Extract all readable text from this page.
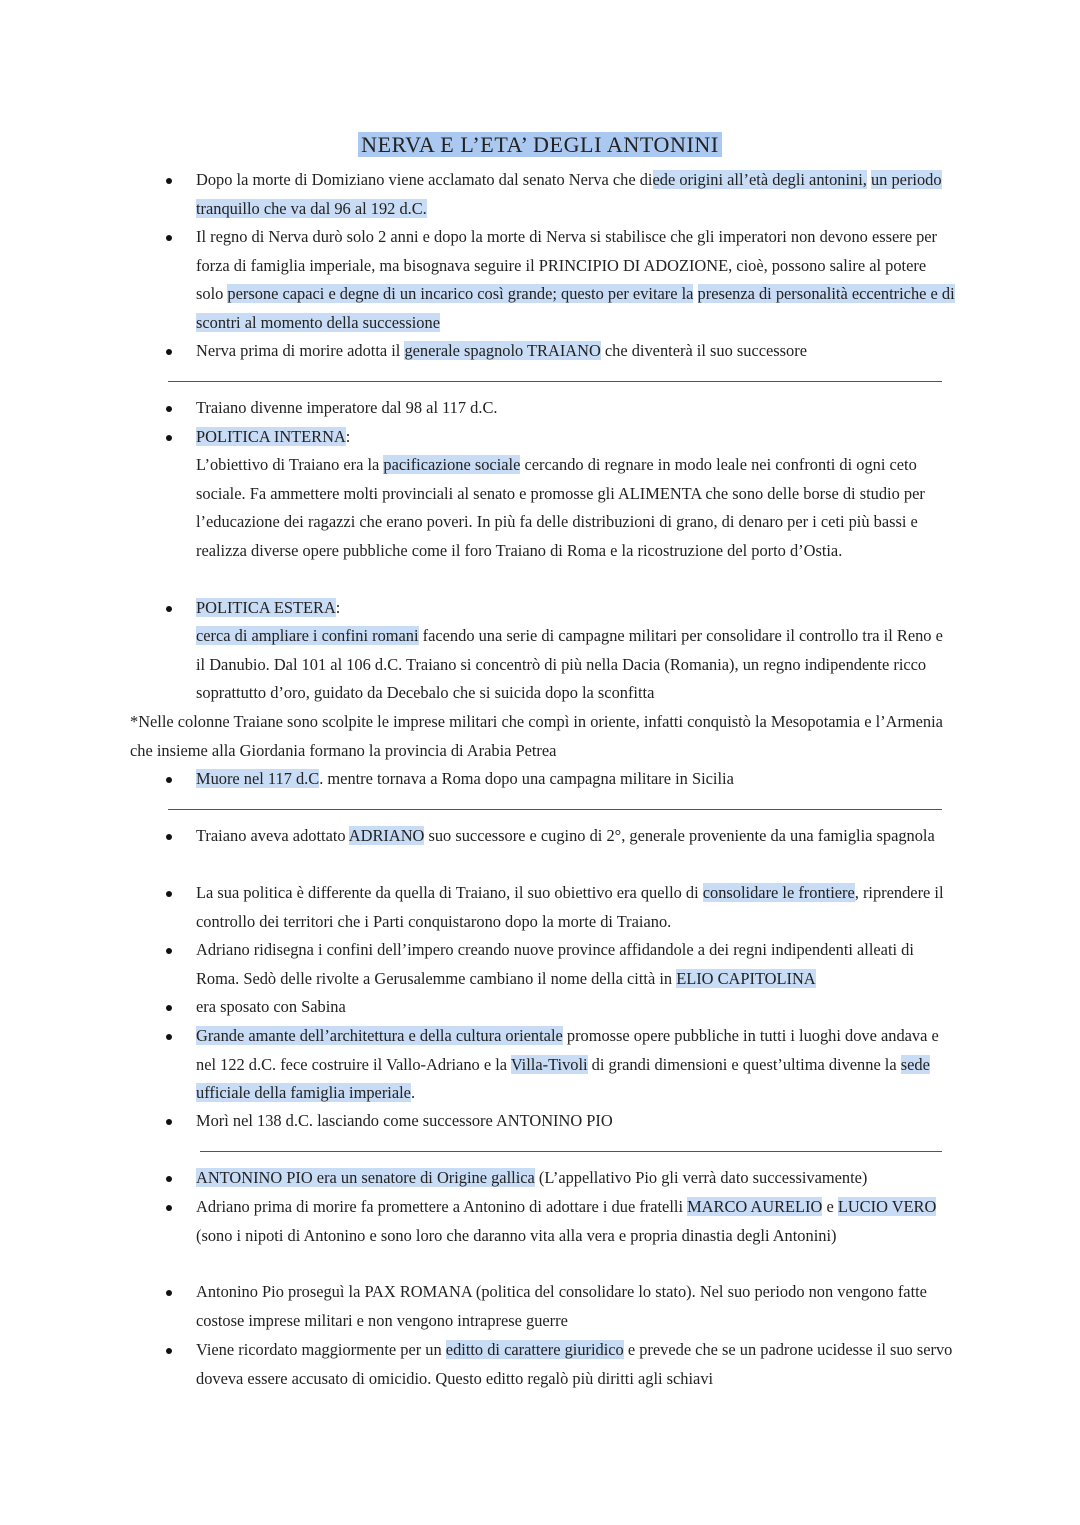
NERVA E L’ETA’ DEGLI ANTONINI
Dopo la morte di Domiziano viene acclamato dal senato Nerva che diede origini all’età degli antonini, un periodo tranquillo che va dal 96 al 192 d.C.
Il regno di Nerva durò solo 2 anni e dopo la morte di Nerva si stabilisce che gli imperatori non devono essere per forza di famiglia imperiale, ma bisognava seguire il PRINCIPIO DI ADOZIONE, cioè, possono salire al potere solo persone capaci e degne di un incarico così grande; questo per evitare la presenza di personalità eccentriche e di scontri al momento della successione
Nerva prima di morire adotta il generale spagnolo TRAIANO che diventerà il suo successore
Traiano divenne imperatore dal 98 al 117 d.C.
POLITICA INTERNA:
L’obiettivo di Traiano era la pacificazione sociale cercando di regnare in modo leale nei confronti di ogni ceto sociale. Fa ammettere molti provinciali al senato e promosse gli ALIMENTA che sono delle borse di studio per l’educazione dei ragazzi che erano poveri. In più fa delle distribuzioni di grano, di denaro per i ceti più bassi e realizza diverse opere pubbliche come il foro Traiano di Roma e la ricostruzione del porto d’Ostia.
POLITICA ESTERA:
cerca di ampliare i confini romani facendo una serie di campagne militari per consolidare il controllo tra il Reno e il Danubio. Dal 101 al 106 d.C. Traiano si concentrò di più nella Dacia (Romania), un regno indipendente ricco soprattutto d’oro, guidato da Decebalo che si suicida dopo la sconfitta
*Nelle colonne Traiane sono scolpite le imprese militari che compì in oriente, infatti conquistò la Mesopotamia e l’Armenia che insieme alla Giordania formano la provincia di Arabia Petrea
Muore nel 117 d.C. mentre tornava a Roma dopo una campagna militare in Sicilia
Traiano aveva adottato ADRIANO suo successore e cugino di 2°, generale proveniente da una famiglia spagnola
La sua politica è differente da quella di Traiano, il suo obiettivo era quello di consolidare le frontiere, riprendere il controllo dei territori che i Parti conquistarono dopo la morte di Traiano.
Adriano ridisegna i confini dell’impero creando nuove province affidandole a dei regni indipendenti alleati di Roma. Sedò delle rivolte a Gerusalemme cambiano il nome della città in ELIO CAPITOLINA
era sposato con Sabina
Grande amante dell’architettura e della cultura orientale promosse opere pubbliche in tutti i luoghi dove andava e nel 122 d.C. fece costruire il Vallo-Adriano e la Villa-Tivoli di grandi dimensioni e quest’ultima divenne la sede ufficiale della famiglia imperiale.
Morì nel 138 d.C. lasciando come successore ANTONINO PIO
ANTONINO PIO era un senatore di Origine gallica (L’appellativo Pio gli verrà dato successivamente)
Adriano prima di morire fa promettere a Antonino di adottare i due fratelli MARCO AURELIO e LUCIO VERO (sono i nipoti di Antonino e sono loro che daranno vita alla vera e propria dinastia degli Antonini)
Antonino Pio proseguì la PAX ROMANA (politica del consolidare lo stato). Nel suo periodo non vengono fatte costose imprese militari e non vengono intraprese guerre
Viene ricordato maggiormente per un editto di carattere giuridico e prevede che se un padrone ucidesse il suo servo doveva essere accusato di omicidio. Questo editto regalò più diritti agli schiavi
